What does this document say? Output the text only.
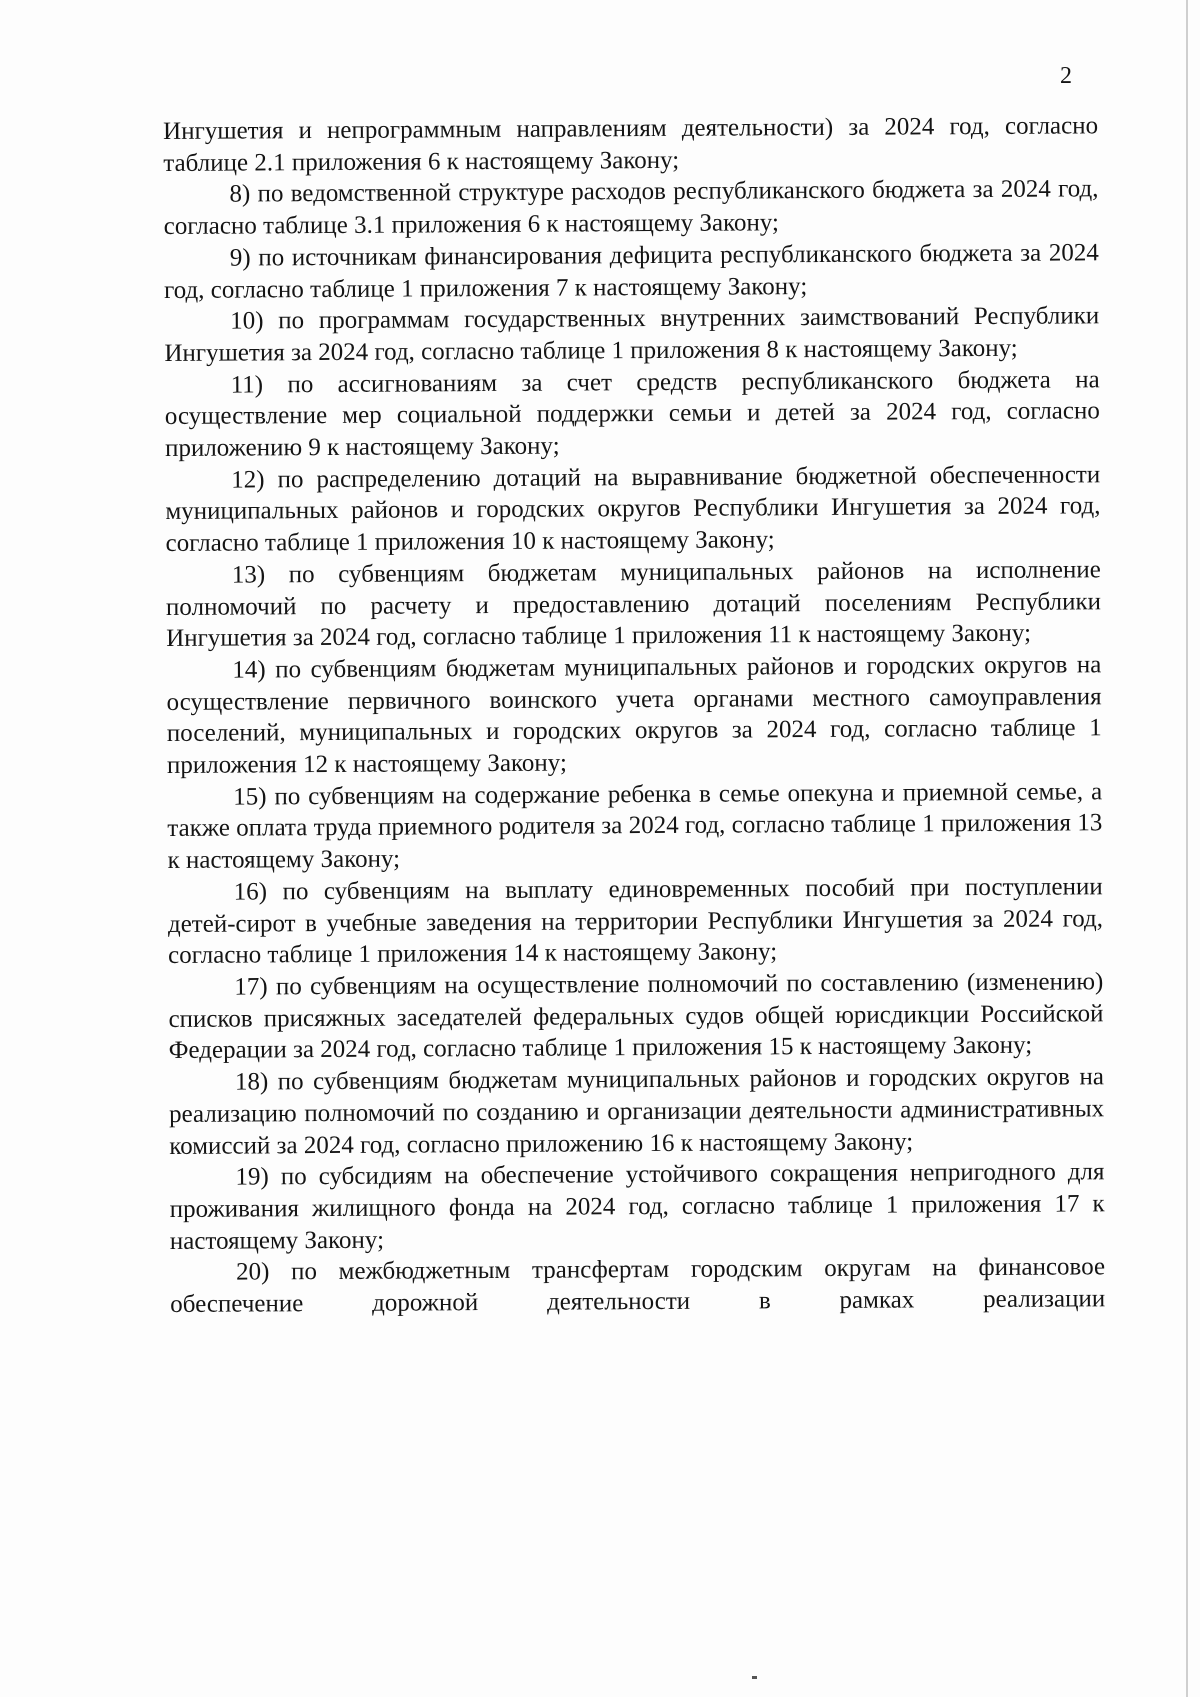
2

Ингушетия и непрограммным направлениям деятельности) за 2024 год, согласно таблице 2.1 приложения 6 к настоящему Закону;

8) по ведомственной структуре расходов республиканского бюджета за 2024 год, согласно таблице 3.1 приложения 6 к настоящему Закону;

9) по источникам финансирования дефицита республиканского бюджета за 2024 год, согласно таблице 1 приложения 7 к настоящему Закону;

10) по программам государственных внутренних заимствований Республики Ингушетия за 2024 год, согласно таблице 1 приложения 8 к настоящему Закону;

11) по ассигнованиям за счет средств республиканского бюджета на осуществление мер социальной поддержки семьи и детей за 2024 год, согласно приложению 9 к настоящему Закону;

12) по распределению дотаций на выравнивание бюджетной обеспеченности муниципальных районов и городских округов Республики Ингушетия за 2024 год, согласно таблице 1 приложения 10 к настоящему Закону;

13) по субвенциям бюджетам муниципальных районов на исполнение полномочий по расчету и предоставлению дотаций поселениям Республики Ингушетия за 2024 год, согласно таблице 1 приложения 11 к настоящему Закону;

14) по субвенциям бюджетам муниципальных районов и городских округов на осуществление первичного воинского учета органами местного самоуправления поселений, муниципальных и городских округов за 2024 год, согласно таблице 1 приложения 12 к настоящему Закону;

15) по субвенциям на содержание ребенка в семье опекуна и приемной семье, а также оплата труда приемного родителя за 2024 год, согласно таблице 1 приложения 13 к настоящему Закону;

16) по субвенциям на выплату единовременных пособий при поступлении детей-сирот в учебные заведения на территории Республики Ингушетия за 2024 год, согласно таблице 1 приложения 14 к настоящему Закону;

17) по субвенциям на осуществление полномочий по составлению (изменению) списков присяжных заседателей федеральных судов общей юрисдикции Российской Федерации за 2024 год, согласно таблице 1 приложения 15 к настоящему Закону;

18) по субвенциям бюджетам муниципальных районов и городских округов на реализацию полномочий по созданию и организации деятельности административных комиссий за 2024 год, согласно приложению 16 к настоящему Закону;

19) по субсидиям на обеспечение устойчивого сокращения непригодного для проживания жилищного фонда на 2024 год, согласно таблице 1 приложения 17 к настоящему Закону;

20) по межбюджетным трансфертам городским округам на финансовое обеспечение дорожной деятельности в рамках реализации
